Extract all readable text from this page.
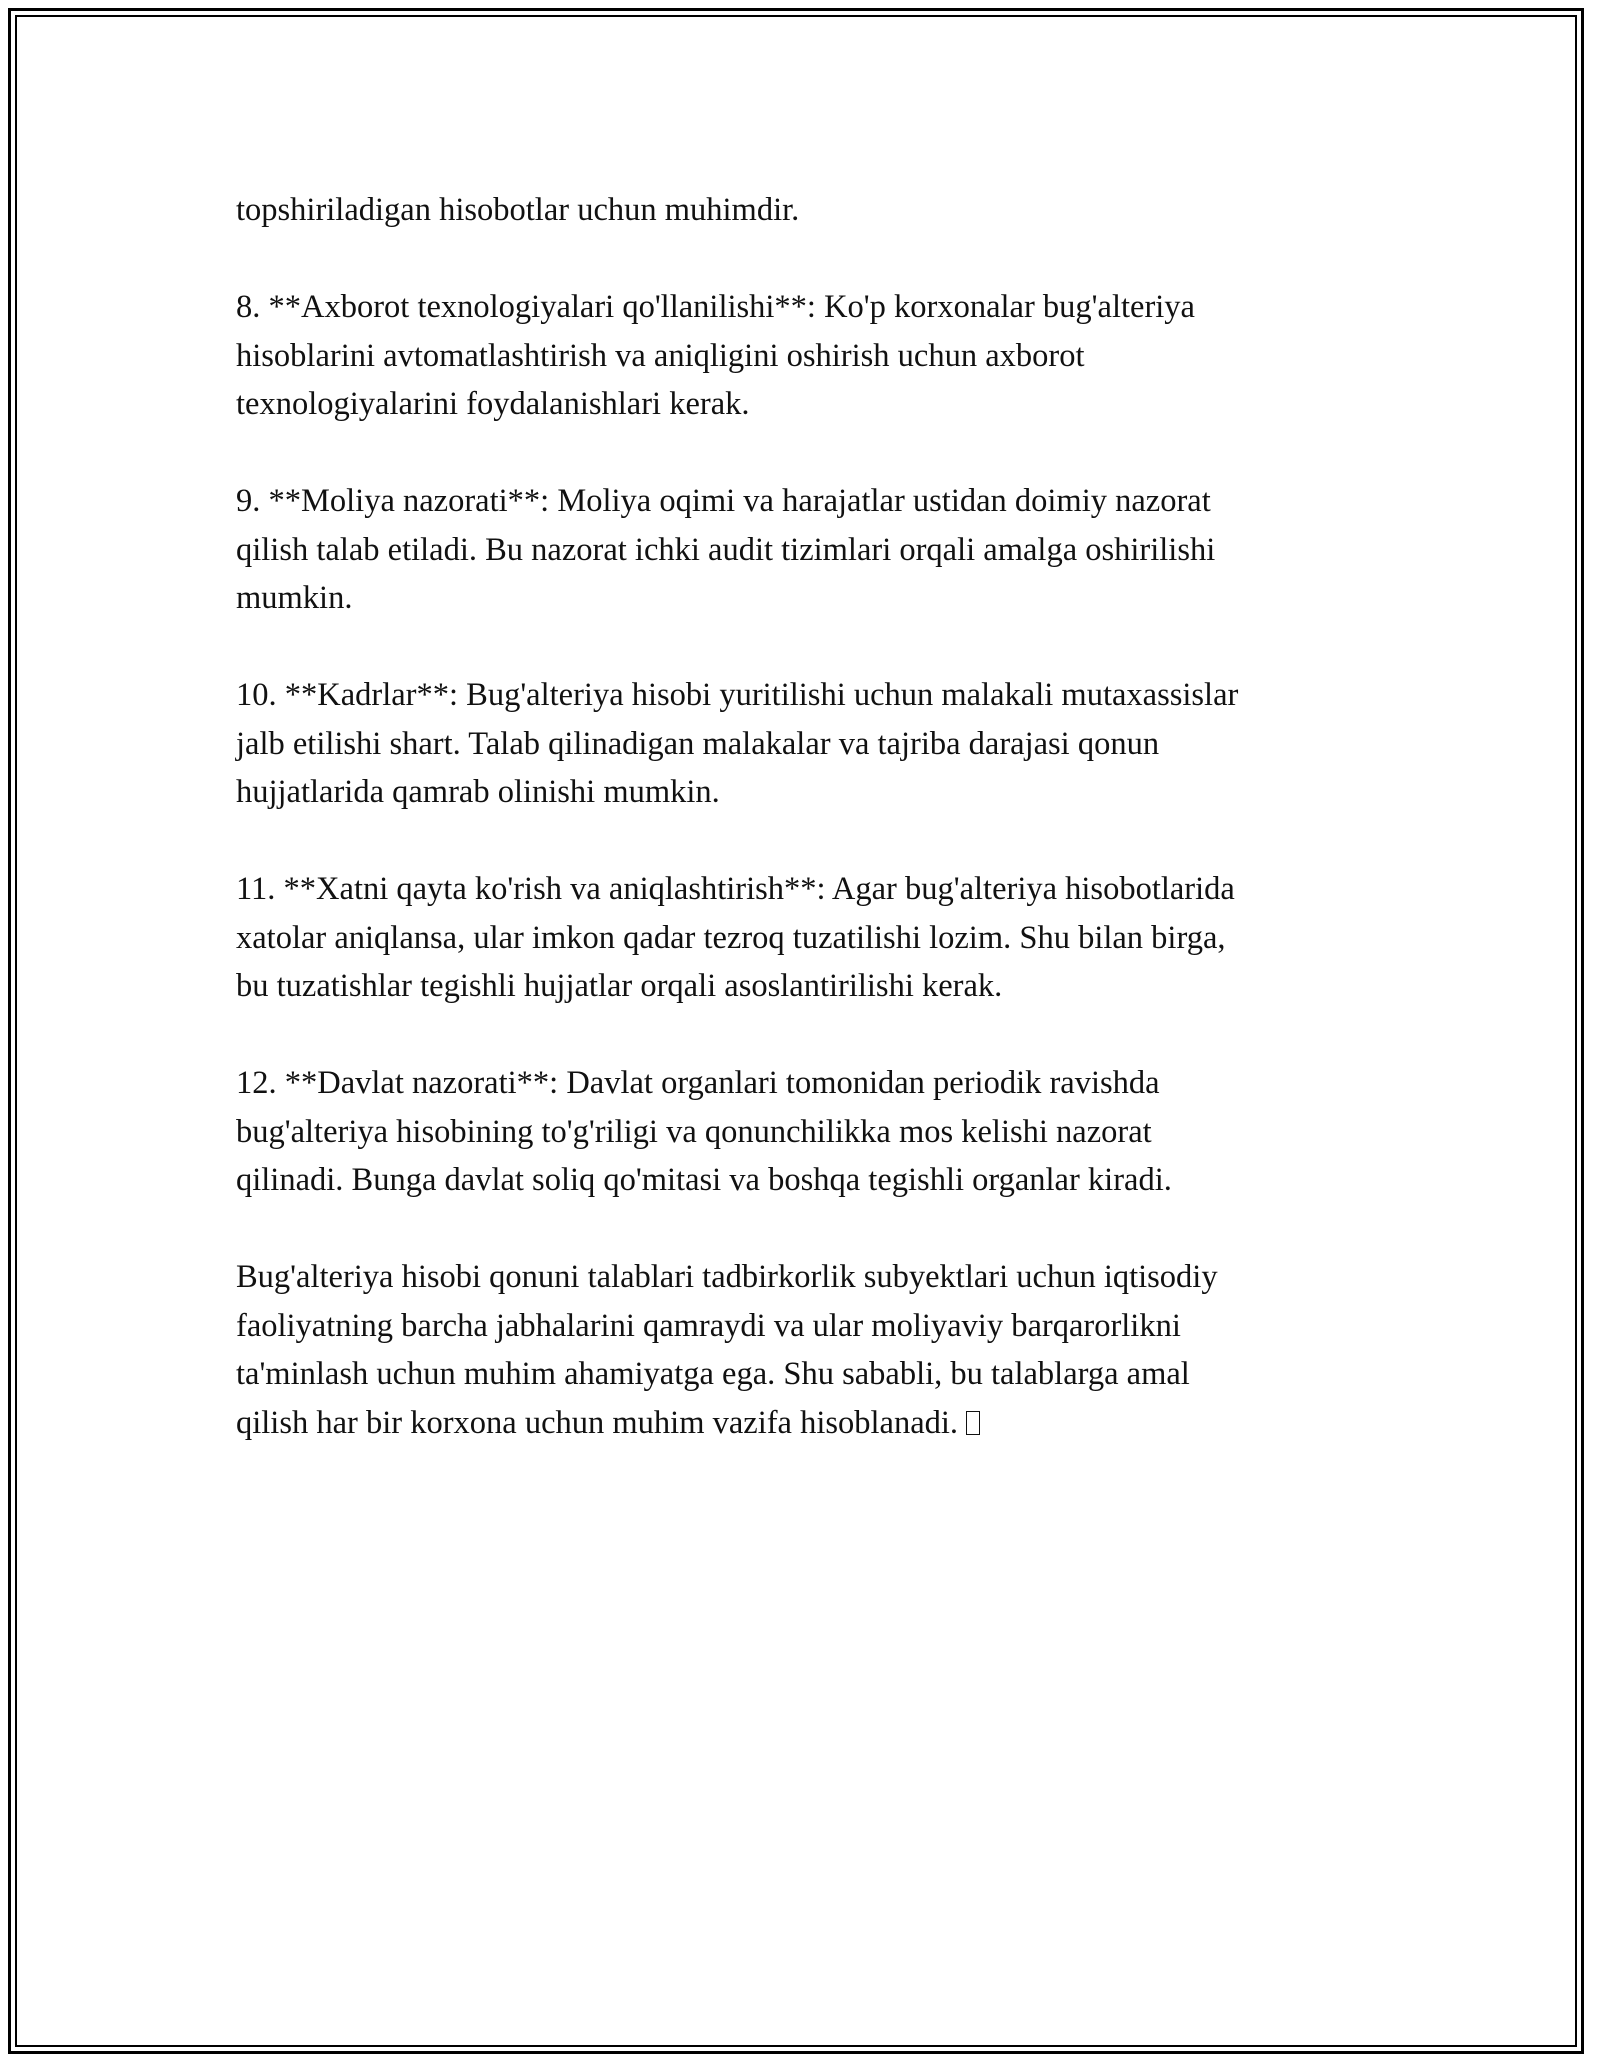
topshiriladigan hisobotlar uchun muhimdir.

8. **Axborot texnologiyalari qo'llanilishi**: Ko'p korxonalar bug'alteriya
hisoblarini avtomatlashtirish va aniqligini oshirish uchun axborot
texnologiyalarini foydalanishlari kerak.

9. **Moliya nazorati**: Moliya oqimi va harajatlar ustidan doimiy nazorat
qilish talab etiladi. Bu nazorat ichki audit tizimlari orqali amalga oshirilishi
mumkin.

10. **Kadrlar**: Bug'alteriya hisobi yuritilishi uchun malakali mutaxassislar
jalb etilishi shart. Talab qilinadigan malakalar va tajriba darajasi qonun
hujjatlarida qamrab olinishi mumkin.

11. **Xatni qayta ko'rish va aniqlashtirish**: Agar bug'alteriya hisobotlarida
xatolar aniqlansa, ular imkon qadar tezroq tuzatilishi lozim. Shu bilan birga,
bu tuzatishlar tegishli hujjatlar orqali asoslantirilishi kerak.

12. **Davlat nazorati**: Davlat organlari tomonidan periodik ravishda
bug'alteriya hisobining to'g'riligi va qonunchilikka mos kelishi nazorat
qilinadi. Bunga davlat soliq qo'mitasi va boshqa tegishli organlar kiradi.

Bug'alteriya hisobi qonuni talablari tadbirkorlik subyektlari uchun iqtisodiy
faoliyatning barcha jabhalarini qamraydi va ular moliyaviy barqarorlikni
ta'minlash uchun muhim ahamiyatga ega. Shu sababli, bu talablarga amal
qilish har bir korxona uchun muhim vazifa hisoblanadi.
